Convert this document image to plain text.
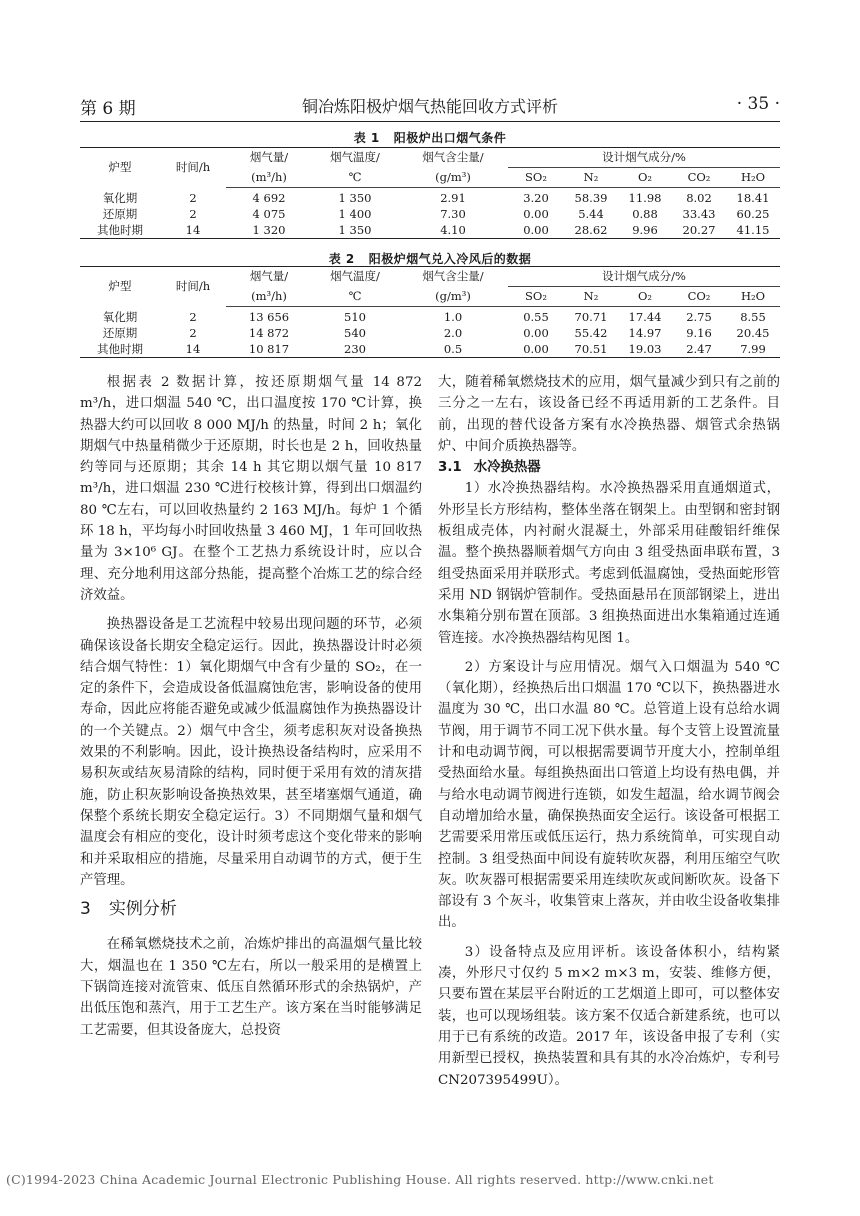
第 6 期	铜冶炼阳极炉烟气热能回收方式评析	· 35 ·
表 1 阳极炉出口烟气条件
炉型	时间/h	烟气量/	烟气温度/	烟气含尘量/	设计烟气成分/%				
		(m³/h)	℃	(g/m³)	SO₂	N₂	O₂	CO₂	H₂O
氧化期	2	4 692	1 350	2.91	3.20	58.39	11.98	8.02	18.41
还原期	2	4 075	1 400	7.30	0.00	5.44	0.88	33.43	60.25
其他时期	14	1 320	1 350	4.10	0.00	28.62	9.96	20.27	41.15
表 2 阳极炉烟气兑入冷风后的数据
炉型	时间/h	烟气量/	烟气温度/	烟气含尘量/	设计烟气成分/%				
		(m³/h)	℃	(g/m³)	SO₂	N₂	O₂	CO₂	H₂O
氧化期	2	13 656	510	1.0	0.55	70.71	17.44	2.75	8.55
还原期	2	14 872	540	2.0	0.00	55.42	14.97	9.16	20.45
其他时期	14	10 817	230	0.5	0.00	70.51	19.03	2.47	7.99

根据表 2 数据计算，按还原期烟气量 14 872 m³/h，进口烟温 540 ℃，出口温度按 170 ℃计算，换热器大约可以回收 8 000 MJ/h 的热量，时间 2 h；氧化期烟气中热量稍微少于还原期，时长也是 2 h，回收热量约等同与还原期；其余 14 h 其它期以烟气量 10 817 m³/h，进口烟温 230 ℃进行校核计算，得到出口烟温约 80 ℃左右，可以回收热量约 2 163 MJ/h。每炉 1 个循环 18 h，平均每小时回收热量 3 460 MJ，1 年可回收热量为 3×10⁶ GJ。在整个工艺热力系统设计时，应以合理、充分地利用这部分热能，提高整个冶炼工艺的综合经济效益。

换热器设备是工艺流程中较易出现问题的环节，必须确保该设备长期安全稳定运行。因此，换热器设计时必须结合烟气特性：1）氧化期烟气中含有少量的 SO₂，在一定的条件下，会造成设备低温腐蚀危害，影响设备的使用寿命，因此应将能否避免或减少低温腐蚀作为换热器设计的一个关键点。2）烟气中含尘，须考虑积灰对设备换热效果的不利影响。因此，设计换热设备结构时，应采用不易积灰或结灰易清除的结构，同时便于采用有效的清灰措施，防止积灰影响设备换热效果，甚至堵塞烟气通道，确保整个系统长期安全稳定运行。3）不同期烟气量和烟气温度会有相应的变化，设计时须考虑这个变化带来的影响和并采取相应的措施，尽量采用自动调节的方式，便于生产管理。

3 实例分析

在稀氧燃烧技术之前，冶炼炉排出的高温烟气量比较大，烟温也在 1 350 ℃左右，所以一般采用的是横置上下锅筒连接对流管束、低压自然循环形式的余热锅炉，产出低压饱和蒸汽，用于工艺生产。该方案在当时能够满足工艺需要，但其设备庞大，总投资

大，随着稀氧燃烧技术的应用，烟气量减少到只有之前的三分之一左右，该设备已经不再适用新的工艺条件。目前，出现的替代设备方案有水冷换热器、烟管式余热锅炉、中间介质换热器等。

3.1 水冷换热器

1）水冷换热器结构。水冷换热器采用直通烟道式，外形呈长方形结构，整体坐落在钢架上。由型钢和密封钢板组成壳体，内衬耐火混凝土，外部采用硅酸铝纤维保温。整个换热器顺着烟气方向由 3 组受热面串联布置，3 组受热面采用并联形式。考虑到低温腐蚀，受热面蛇形管采用 ND 钢锅炉管制作。受热面悬吊在顶部钢梁上，进出水集箱分别布置在顶部。3 组换热面进出水集箱通过连通管连接。水冷换热器结构见图 1。

2）方案设计与应用情况。烟气入口烟温为 540 ℃（氧化期），经换热后出口烟温 170 ℃以下，换热器进水温度为 30 ℃，出口水温 80 ℃。总管道上设有总给水调节阀，用于调节不同工况下供水量。每个支管上设置流量计和电动调节阀，可以根据需要调节开度大小，控制单组受热面给水量。每组换热面出口管道上均设有热电偶，并与给水电动调节阀进行连锁，如发生超温，给水调节阀会自动增加给水量，确保换热面安全运行。该设备可根据工艺需要采用常压或低压运行，热力系统简单，可实现自动控制。3 组受热面中间设有旋转吹灰器，利用压缩空气吹灰。吹灰器可根据需要采用连续吹灰或间断吹灰。设备下部设有 3 个灰斗，收集管束上落灰，并由收尘设备收集排出。

3）设备特点及应用评析。该设备体积小，结构紧凑，外形尺寸仅约 5 m×2 m×3 m，安装、维修方便，只要布置在某层平台附近的工艺烟道上即可，可以整体安装，也可以现场组装。该方案不仅适合新建系统，也可以用于已有系统的改造。2017 年，该设备申报了专利（实用新型已授权，换热装置和具有其的水冷冶炼炉，专利号 CN207395499U）。

(C)1994-2023 China Academic Journal Electronic Publishing House. All rights reserved. http://www.cnki.net
